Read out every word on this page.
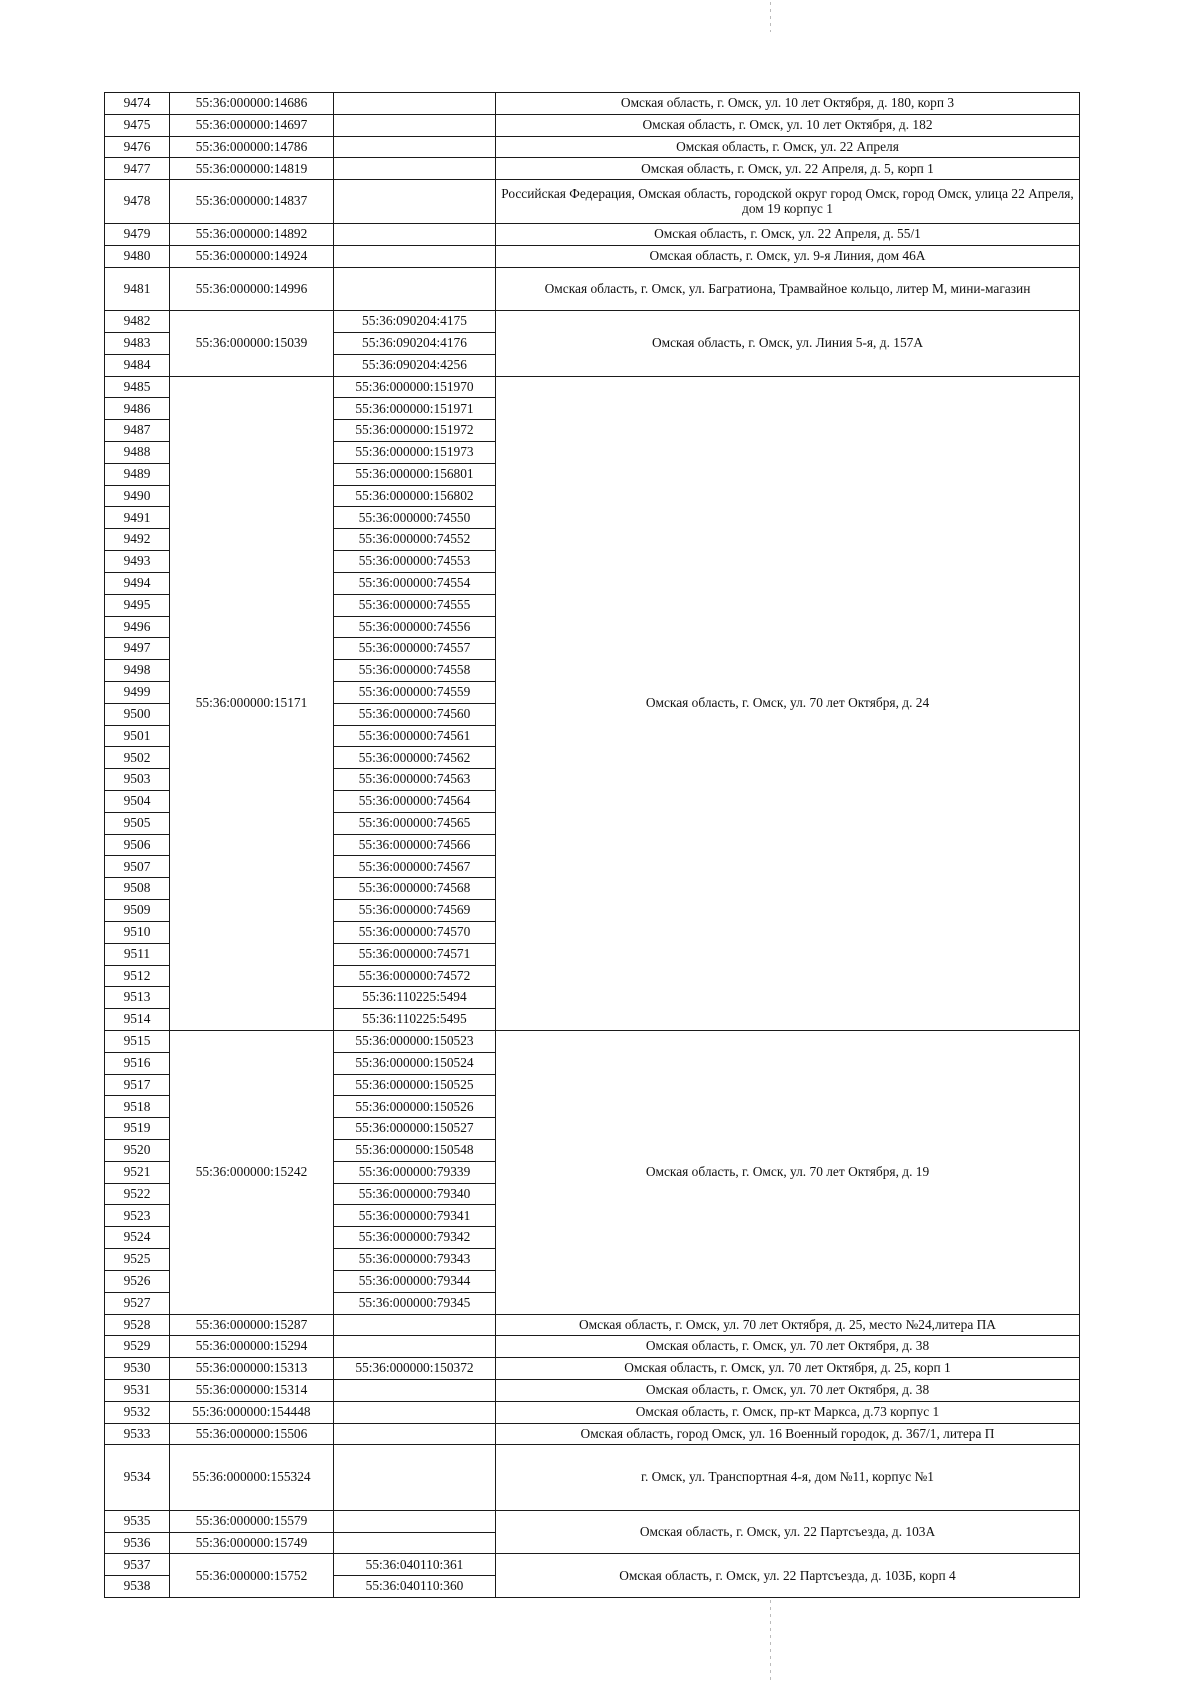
9474	55:36:000000:14686		Омская область, г. Омск, ул. 10 лет Октября, д. 180, корп 3
9475	55:36:000000:14697		Омская область, г. Омск, ул. 10 лет Октября, д. 182
9476	55:36:000000:14786		Омская область, г. Омск, ул. 22 Апреля
9477	55:36:000000:14819		Омская область, г. Омск, ул. 22 Апреля, д. 5, корп 1
9478	55:36:000000:14837		Российская Федерация, Омская область, городской округ город Омск, город Омск, улица 22 Апреля, дом 19 корпус 1
9479	55:36:000000:14892		Омская область, г. Омск, ул. 22 Апреля, д. 55/1
9480	55:36:000000:14924		Омская область, г. Омск, ул. 9-я Линия, дом 46А
9481	55:36:000000:14996		Омская область, г. Омск, ул. Багратиона, Трамвайное кольцо, литер М, мини-магазин
9482	55:36:000000:15039	55:36:090204:4175	Омская область, г. Омск, ул. Линия 5-я, д. 157А
9483		55:36:090204:4176	
9484		55:36:090204:4256	
9485	55:36:000000:15171	55:36:000000:151970	Омская область, г. Омск, ул. 70 лет Октября, д. 24
9486		55:36:000000:151971	
9487		55:36:000000:151972	
9488		55:36:000000:151973	
9489		55:36:000000:156801	
9490		55:36:000000:156802	
9491		55:36:000000:74550	
9492		55:36:000000:74552	
9493		55:36:000000:74553	
9494		55:36:000000:74554	
9495		55:36:000000:74555	
9496		55:36:000000:74556	
9497		55:36:000000:74557	
9498		55:36:000000:74558	
9499		55:36:000000:74559	
9500		55:36:000000:74560	
9501		55:36:000000:74561	
9502		55:36:000000:74562	
9503		55:36:000000:74563	
9504		55:36:000000:74564	
9505		55:36:000000:74565	
9506		55:36:000000:74566	
9507		55:36:000000:74567	
9508		55:36:000000:74568	
9509		55:36:000000:74569	
9510		55:36:000000:74570	
9511		55:36:000000:74571	
9512		55:36:000000:74572	
9513		55:36:110225:5494	
9514		55:36:110225:5495	
9515	55:36:000000:15242	55:36:000000:150523	Омская область, г. Омск, ул. 70 лет Октября, д. 19
9516		55:36:000000:150524	
9517		55:36:000000:150525	
9518		55:36:000000:150526	
9519		55:36:000000:150527	
9520		55:36:000000:150548	
9521		55:36:000000:79339	
9522		55:36:000000:79340	
9523		55:36:000000:79341	
9524		55:36:000000:79342	
9525		55:36:000000:79343	
9526		55:36:000000:79344	
9527		55:36:000000:79345	
9528	55:36:000000:15287		Омская область, г. Омск, ул. 70 лет Октября, д. 25, место №24,литера ПА
9529	55:36:000000:15294		Омская область, г. Омск, ул. 70 лет Октября, д. 38
9530	55:36:000000:15313	55:36:000000:150372	Омская область, г. Омск, ул. 70 лет Октября, д. 25, корп 1
9531	55:36:000000:15314		Омская область, г. Омск, ул. 70 лет Октября, д. 38
9532	55:36:000000:154448		Омская область, г. Омск, пр-кт Маркса, д.73 корпус 1
9533	55:36:000000:15506		Омская область, город Омск, ул. 16 Военный городок, д. 367/1, литера П
9534	55:36:000000:155324		г. Омск, ул. Транспортная 4-я, дом №11, корпус №1
9535	55:36:000000:15579		Омская область, г. Омск, ул. 22 Партсъезда, д. 103А
9536	55:36:000000:15749		
9537	55:36:000000:15752	55:36:040110:361	Омская область, г. Омск, ул. 22 Партсъезда, д. 103Б, корп 4
9538		55:36:040110:360	
